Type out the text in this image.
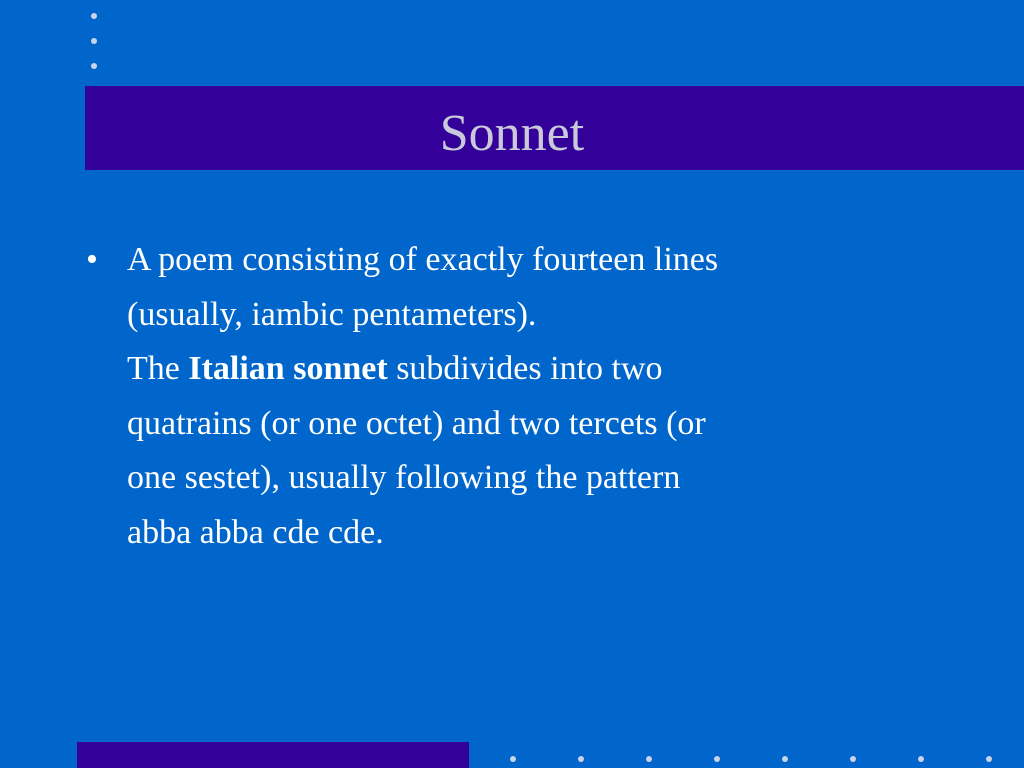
Sonnet
• A poem consisting of exactly fourteen lines
(usually, iambic pentameters).
The Italian sonnet subdivides into two
quatrains (or one octet) and two tercets (or
one sestet), usually following the pattern
abba abba cde cde.
